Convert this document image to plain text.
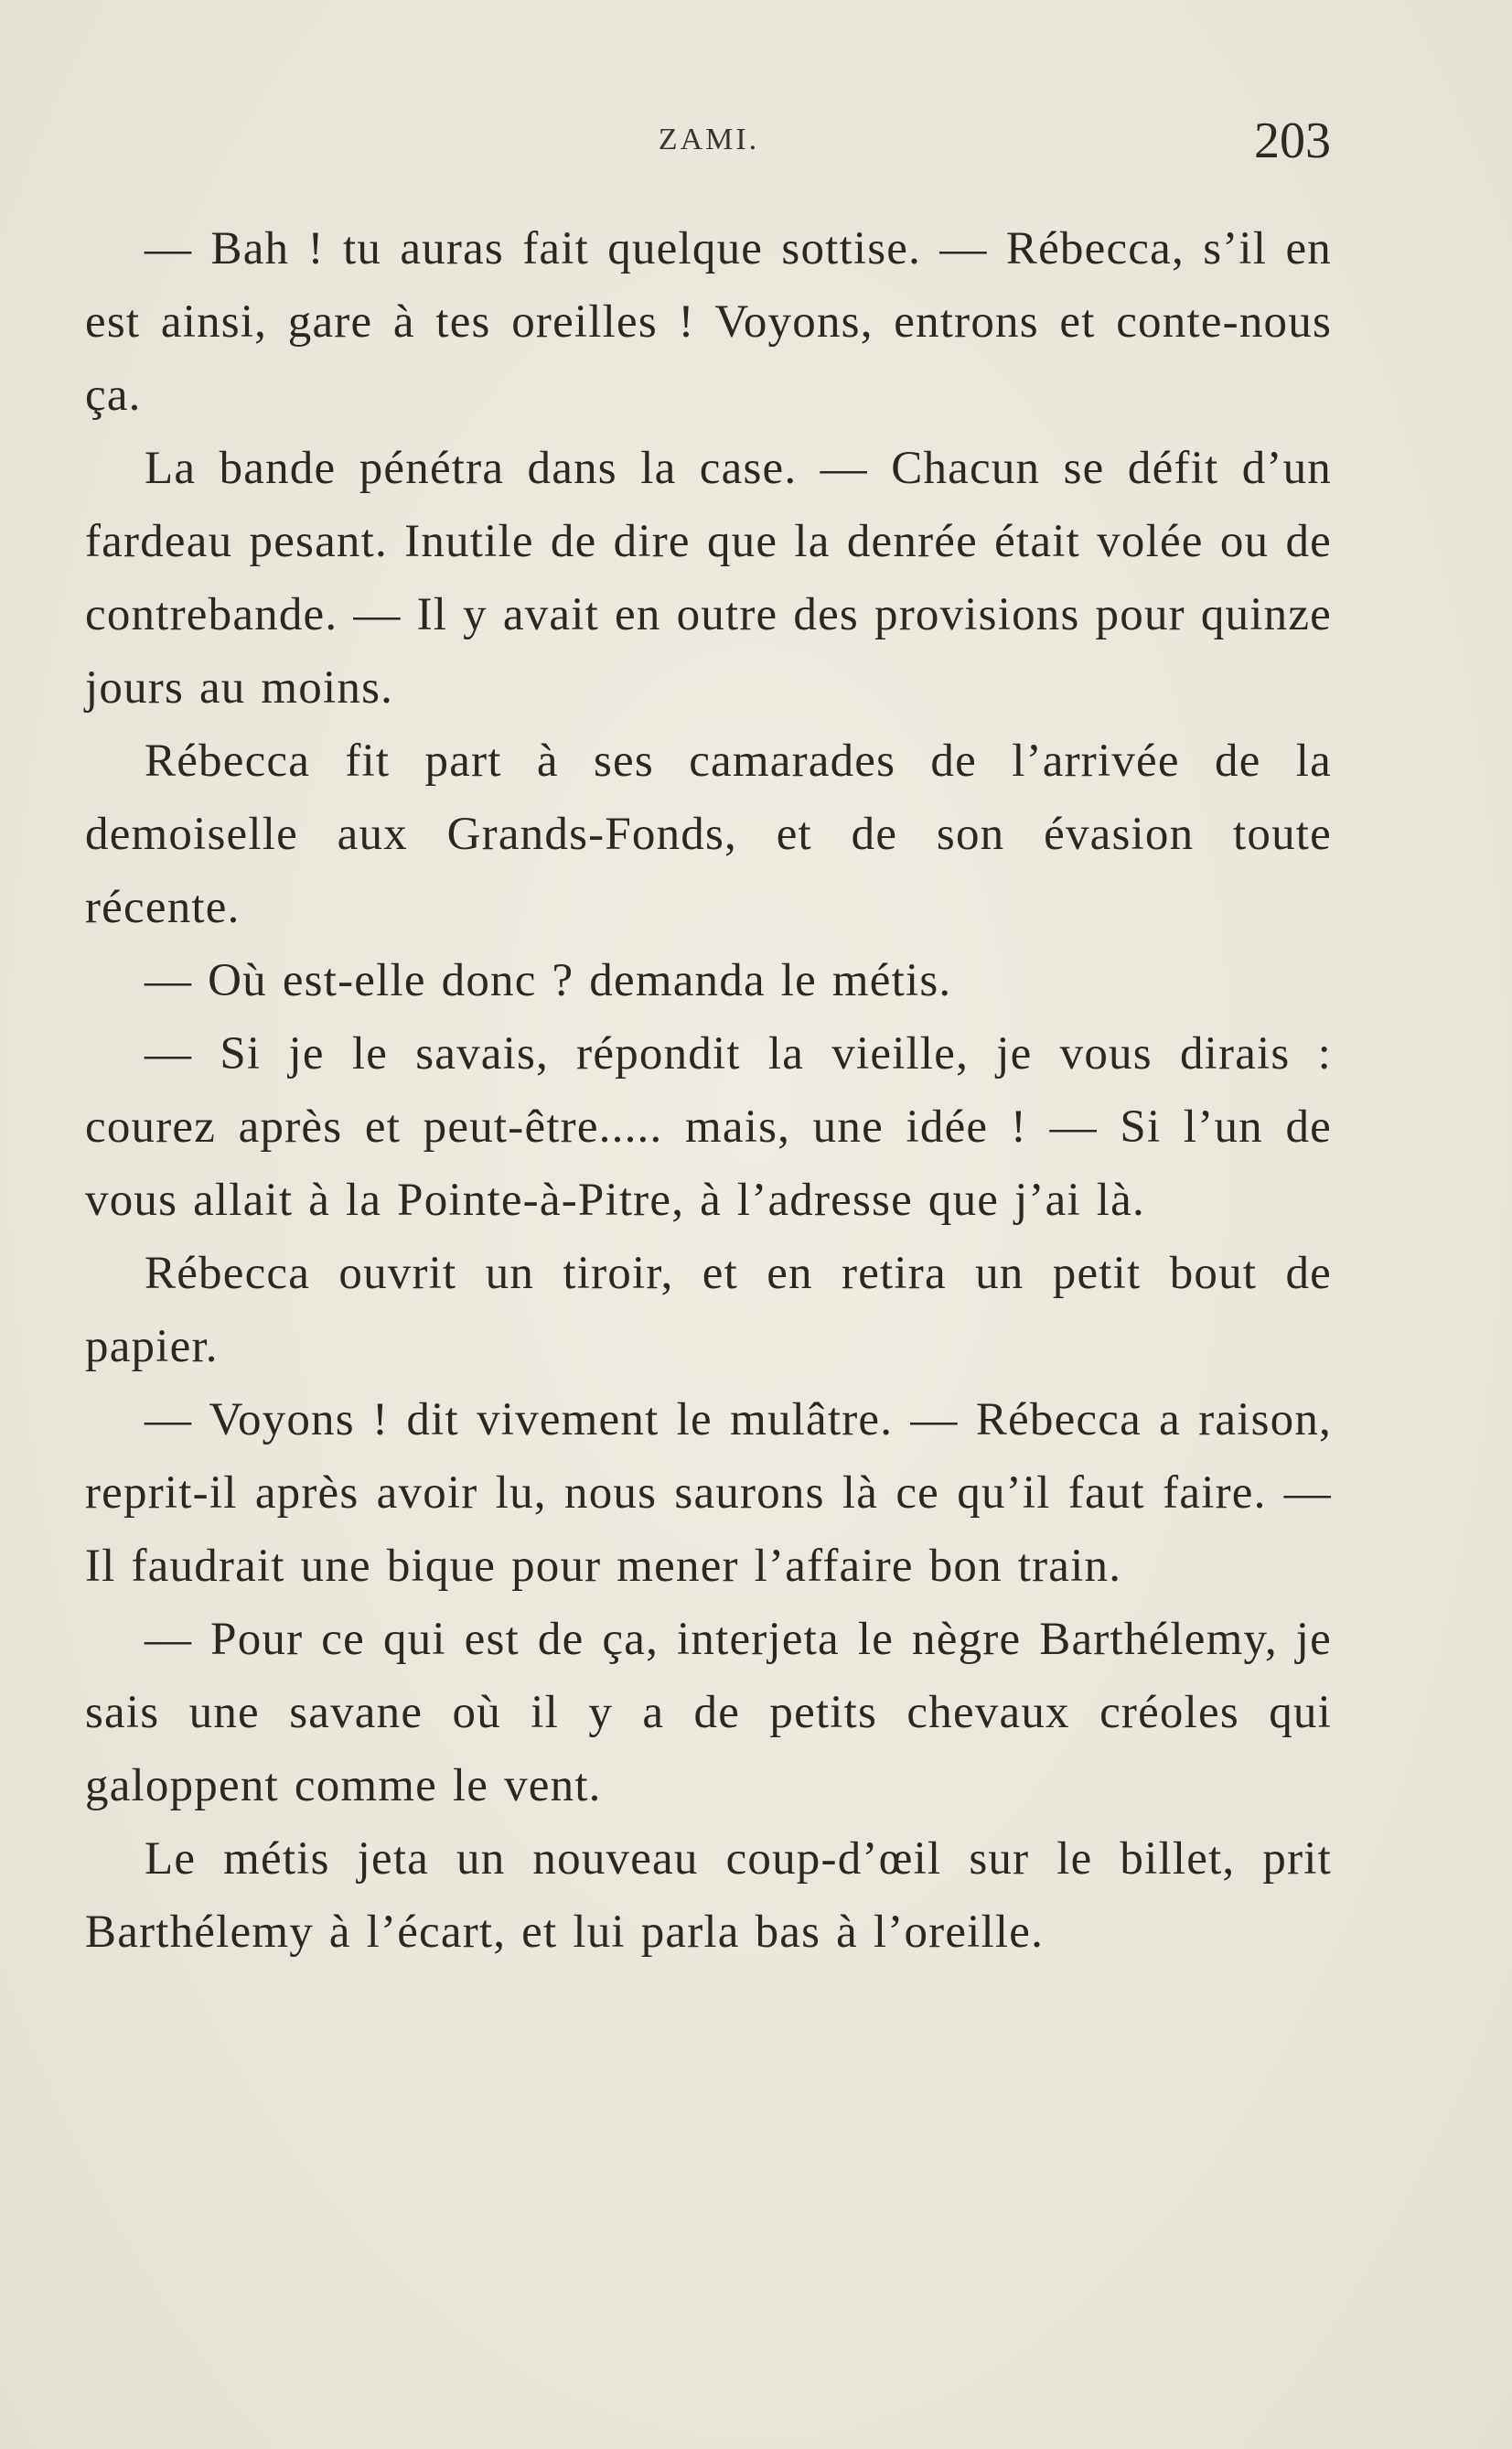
ZAMI.	203

— Bah ! tu auras fait quelque sottise. — Rébecca, s’il en est ainsi, gare à tes oreilles ! Voyons, entrons et conte-nous ça.

La bande pénétra dans la case. — Chacun se défit d’un fardeau pesant. Inutile de dire que la denrée était volée ou de contrebande. — Il y avait en outre des provisions pour quinze jours au moins.

Rébecca fit part à ses camarades de l’arrivée de la demoiselle aux Grands-Fonds, et de son évasion toute récente.

— Où est-elle donc ? demanda le métis.

— Si je le savais, répondit la vieille, je vous dirais : courez après et peut-être..... mais, une idée ! — Si l’un de vous allait à la Pointe-à-Pitre, à l’adresse que j’ai là.

Rébecca ouvrit un tiroir, et en retira un petit bout de papier.

— Voyons ! dit vivement le mulâtre. — Rébecca a raison, reprit-il après avoir lu, nous saurons là ce qu’il faut faire. — Il faudrait une bique pour mener l’affaire bon train.

— Pour ce qui est de ça, interjeta le nègre Barthélemy, je sais une savane où il y a de petits chevaux créoles qui galoppent comme le vent.

Le métis jeta un nouveau coup-d’œil sur le billet, prit Barthélemy à l’écart, et lui parla bas à l’oreille.
